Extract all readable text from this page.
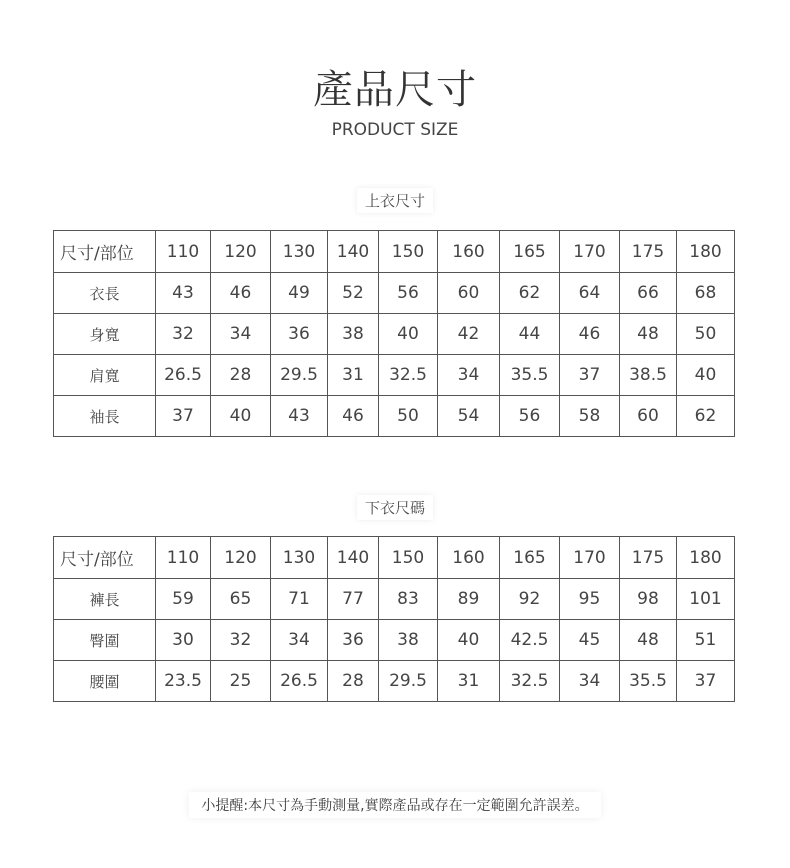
產品尺寸
PRODUCT SIZE
上衣尺寸
尺寸/部位	110	120	130	140	150	160	165	170	175	180
衣長	43	46	49	52	56	60	62	64	66	68
身寬	32	34	36	38	40	42	44	46	48	50
肩寬	26.5	28	29.5	31	32.5	34	35.5	37	38.5	40
袖長	37	40	43	46	50	54	56	58	60	62
下衣尺碼
尺寸/部位	110	120	130	140	150	160	165	170	175	180
褲長	59	65	71	77	83	89	92	95	98	101
臀圍	30	32	34	36	38	40	42.5	45	48	51
腰圍	23.5	25	26.5	28	29.5	31	32.5	34	35.5	37
小提醒:本尺寸為手動測量,實際產品或存在一定範圍允許誤差。
